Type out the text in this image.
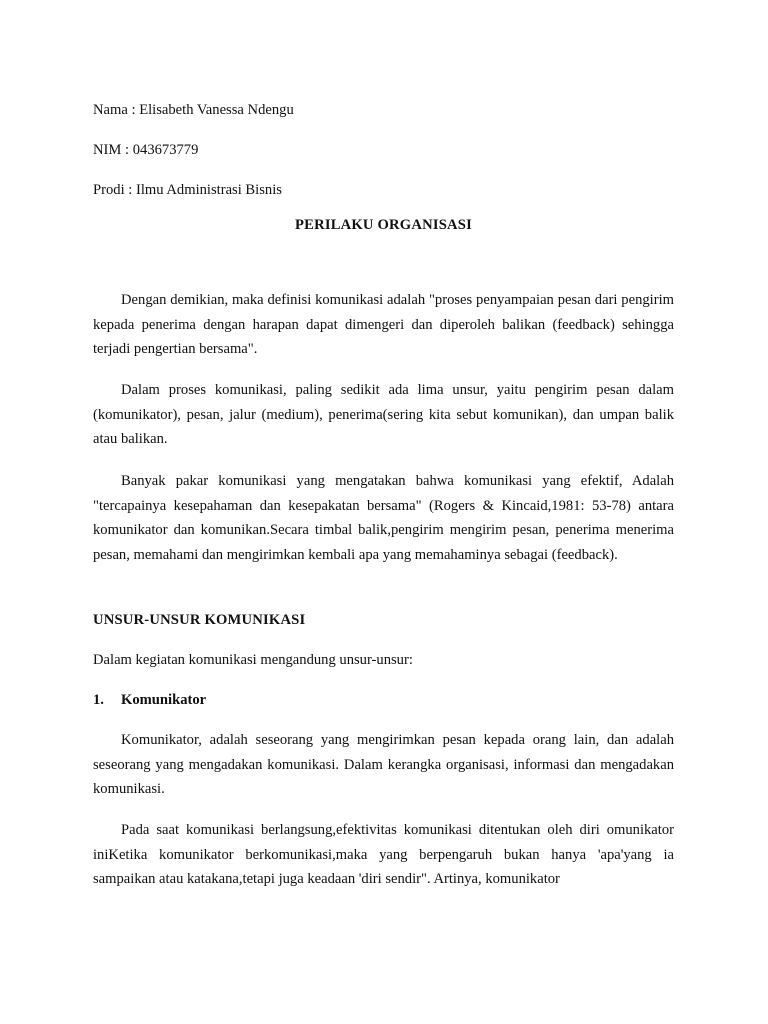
Nama : Elisabeth Vanessa Ndengu
NIM : 043673779
Prodi : Ilmu Administrasi Bisnis
PERILAKU ORGANISASI
Dengan demikian, maka definisi komunikasi adalah "proses penyampaian pesan dari pengirim kepada penerima dengan harapan dapat dimengeri dan diperoleh balikan (feedback) sehingga terjadi pengertian bersama".
Dalam proses komunikasi, paling sedikit ada lima unsur, yaitu pengirim pesan dalam (komunikator), pesan, jalur (medium), penerima(sering kita sebut komunikan), dan umpan balik atau balikan.
Banyak pakar komunikasi yang mengatakan bahwa komunikasi yang efektif, Adalah "tercapainya kesepahaman dan kesepakatan bersama" (Rogers & Kincaid,1981: 53-78) antara komunikator dan komunikan.Secara timbal balik,pengirim mengirim pesan, penerima menerima pesan, memahami dan mengirimkan kembali apa yang memahaminya sebagai (feedback).
UNSUR-UNSUR KOMUNIKASI
Dalam kegiatan komunikasi mengandung unsur-unsur:
1. Komunikator
Komunikator, adalah seseorang yang mengirimkan pesan kepada orang lain, dan adalah seseorang yang mengadakan komunikasi. Dalam kerangka organisasi, informasi dan mengadakan komunikasi.
Pada saat komunikasi berlangsung,efektivitas komunikasi ditentukan oleh diri omunikator iniKetika komunikator berkomunikasi,maka yang berpengaruh bukan hanya 'apa'yang ia sampaikan atau katakana,tetapi juga keadaan 'diri sendir". Artinya, komunikator
